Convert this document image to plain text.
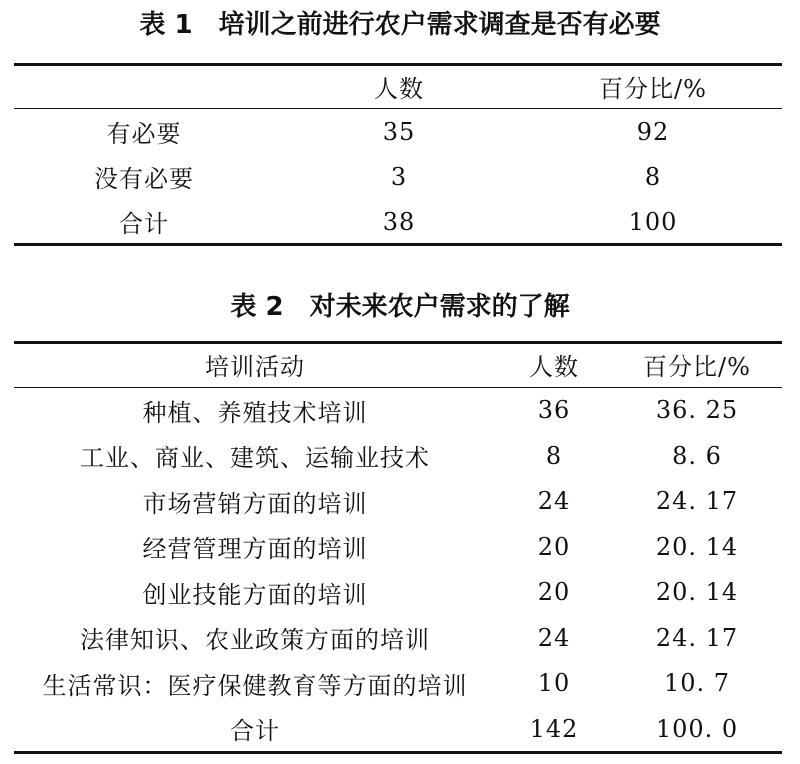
表 1 培训之前进行农户需求调查是否有必要
	人数	百分比/%
有必要	35	92
没有必要	3	8
合计	38	100
表 2 对未来农户需求的了解
培训活动	人数	百分比/%
种植、养殖技术培训	36	36. 25
工业、商业、建筑、运输业技术	8	8. 6
市场营销方面的培训	24	24. 17
经营管理方面的培训	20	20. 14
创业技能方面的培训	20	20. 14
法律知识、农业政策方面的培训	24	24. 17
生活常识：医疗保健教育等方面的培训	10	10. 7
合计	142	100. 0
